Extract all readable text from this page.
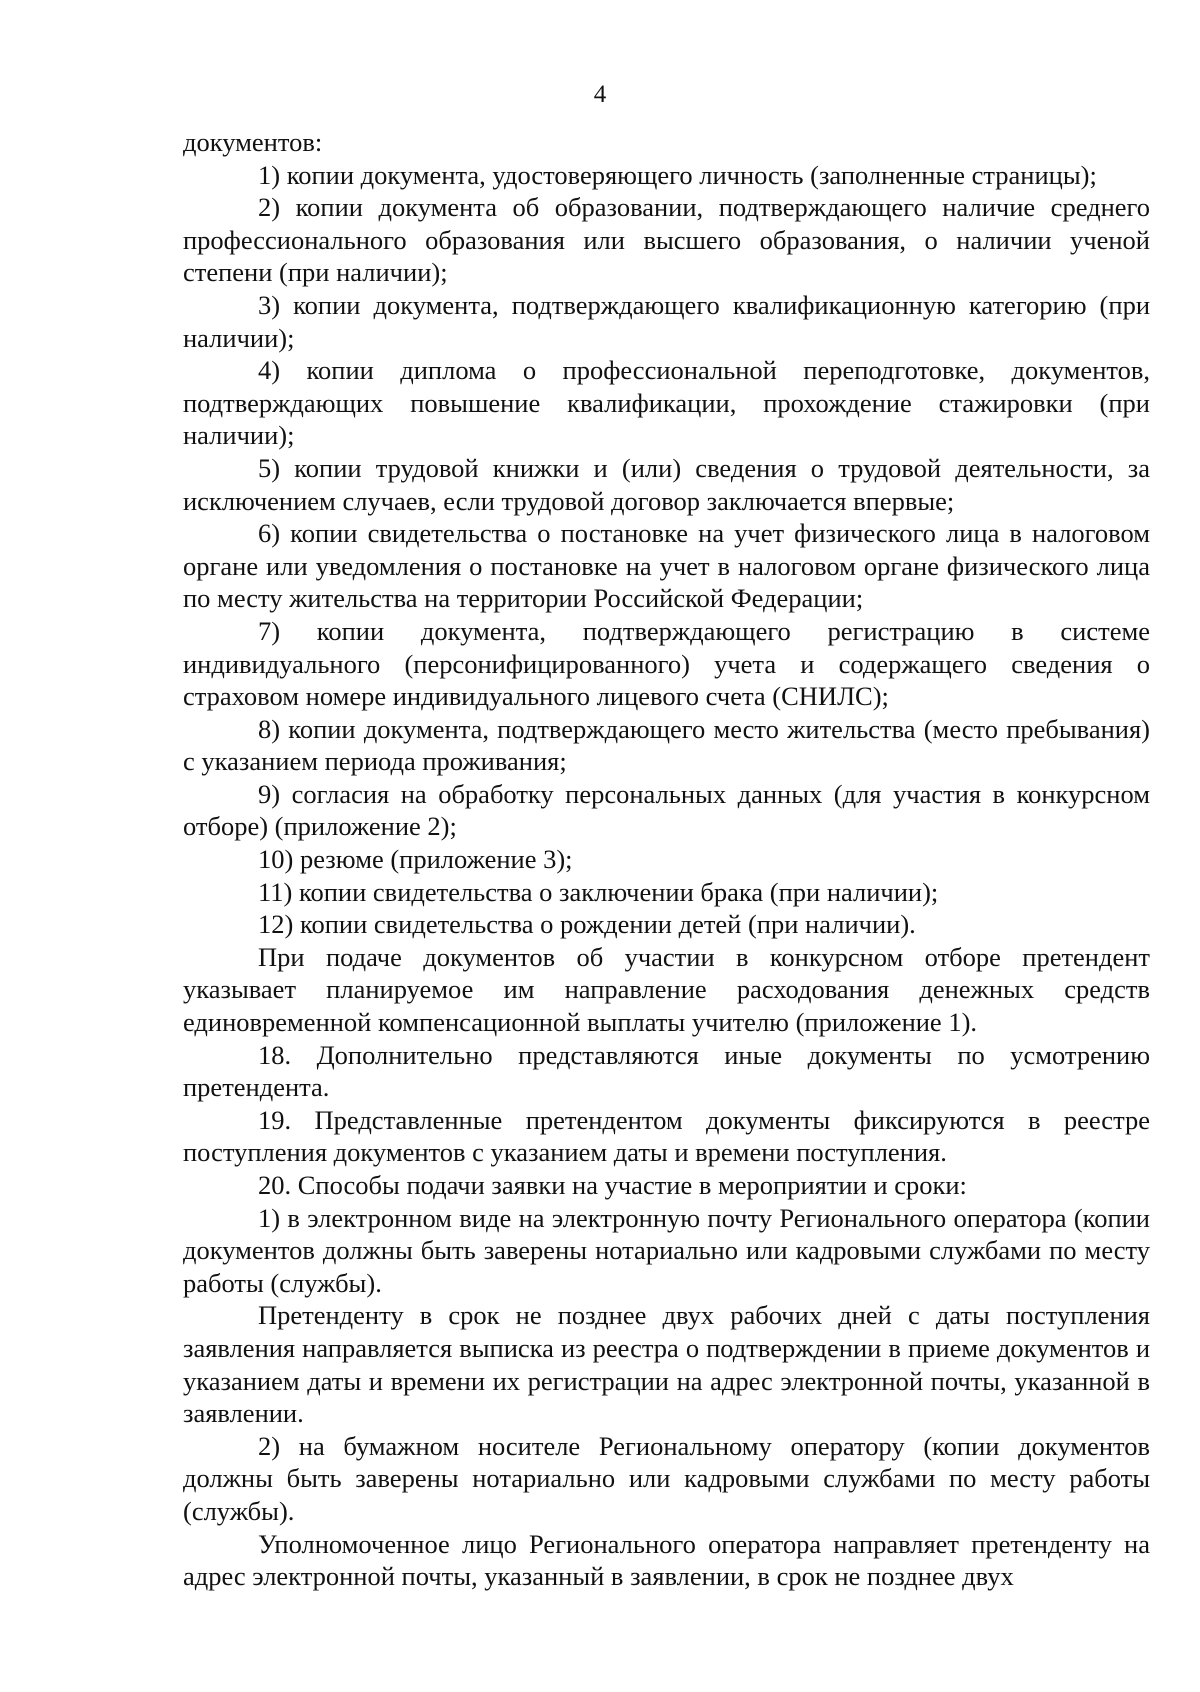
4

документов:

1) копии документа, удостоверяющего личность (заполненные страницы);

2) копии документа об образовании, подтверждающего наличие среднего профессионального образования или высшего образования, о наличии ученой степени (при наличии);

3) копии документа, подтверждающего квалификационную категорию (при наличии);

4) копии диплома о профессиональной переподготовке, документов, подтверждающих повышение квалификации, прохождение стажировки (при наличии);

5) копии трудовой книжки и (или) сведения о трудовой деятельности, за исключением случаев, если трудовой договор заключается впервые;

6) копии свидетельства о постановке на учет физического лица в налоговом органе или уведомления о постановке на учет в налоговом органе физического лица по месту жительства на территории Российской Федерации;

7) копии документа, подтверждающего регистрацию в системе индивидуального (персонифицированного) учета и содержащего сведения о страховом номере индивидуального лицевого счета (СНИЛС);

8) копии документа, подтверждающего место жительства (место пребывания) с указанием периода проживания;

9) согласия на обработку персональных данных (для участия в конкурсном отборе) (приложение 2);

10) резюме (приложение 3);

11) копии свидетельства о заключении брака (при наличии);

12) копии свидетельства о рождении детей (при наличии).

При подаче документов об участии в конкурсном отборе претендент указывает планируемое им направление расходования денежных средств единовременной компенсационной выплаты учителю (приложение 1).

18. Дополнительно представляются иные документы по усмотрению претендента.

19. Представленные претендентом документы фиксируются в реестре поступления документов с указанием даты и времени поступления.

20. Способы подачи заявки на участие в мероприятии и сроки:

1) в электронном виде на электронную почту Регионального оператора (копии документов должны быть заверены нотариально или кадровыми службами по месту работы (службы).

Претенденту в срок не позднее двух рабочих дней с даты поступления заявления направляется выписка из реестра о подтверждении в приеме документов и указанием даты и времени их регистрации на адрес электронной почты, указанной в заявлении.

2) на бумажном носителе Региональному оператору (копии документов должны быть заверены нотариально или кадровыми службами по месту работы (службы).

Уполномоченное лицо Регионального оператора направляет претенденту на адрес электронной почты, указанный в заявлении, в срок не позднее двух
